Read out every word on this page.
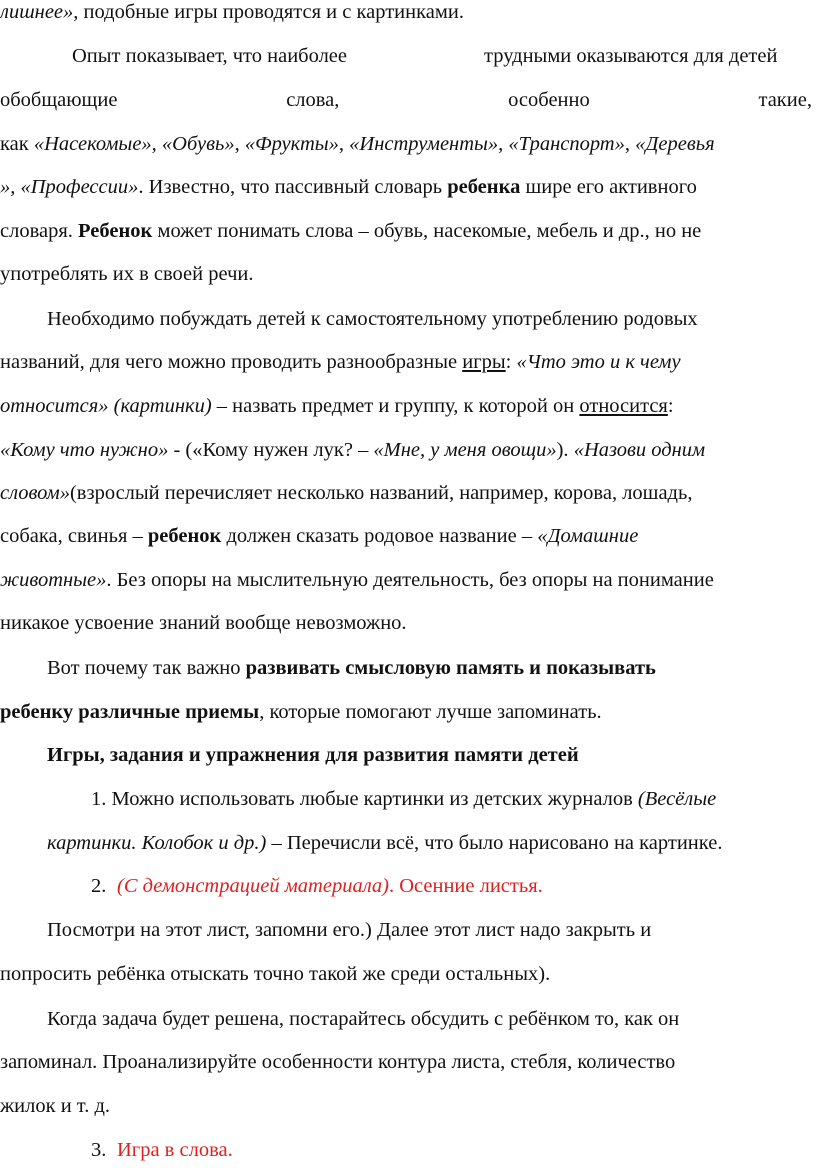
лишнее», подобные игры проводятся и с картинками.
Опыт показывает, что наиболее	трудными оказываются для детей
обобщающие	слова,	особенно	такие,
как «Насекомые», «Обувь», «Фрукты», «Инструменты», «Транспорт», «Деревья
», «Профессии». Известно, что пассивный словарь ребенка шире его активного
словаря. Ребенок может понимать слова – обувь, насекомые, мебель и др., но не
употреблять их в своей речи.
Необходимо побуждать детей к самостоятельному употреблению родовых
названий, для чего можно проводить разнообразные игры: «Что это и к чему
относится» (картинки) – назвать предмет и группу, к которой он относится:
«Кому что нужно» - («Кому нужен лук? – «Мне, у меня овощи»). «Назови одним
словом»(взрослый перечисляет несколько названий, например, корова, лошадь,
собака, свинья – ребенок должен сказать родовое название – «Домашние
животные». Без опоры на мыслительную деятельность, без опоры на понимание
никакое усвоение знаний вообще невозможно.
Вот почему так важно развивать смысловую память и показывать
ребенку различные приемы, которые помогают лучше запоминать.
Игры, задания и упражнения для развития памяти детей
1. Можно использовать любые картинки из детских журналов (Весёлые
картинки. Колобок и др.) – Перечисли всё, что было нарисовано на картинке.
2. (С демонстрацией материала). Осенние листья.
Посмотри на этот лист, запомни его.) Далее этот лист надо закрыть и
попросить ребёнка отыскать точно такой же среди остальных).
Когда задача будет решена, постарайтесь обсудить с ребёнком то, как он
запоминал. Проанализируйте особенности контура листа, стебля, количество
жилок и т. д.
3. Игра в слова.
